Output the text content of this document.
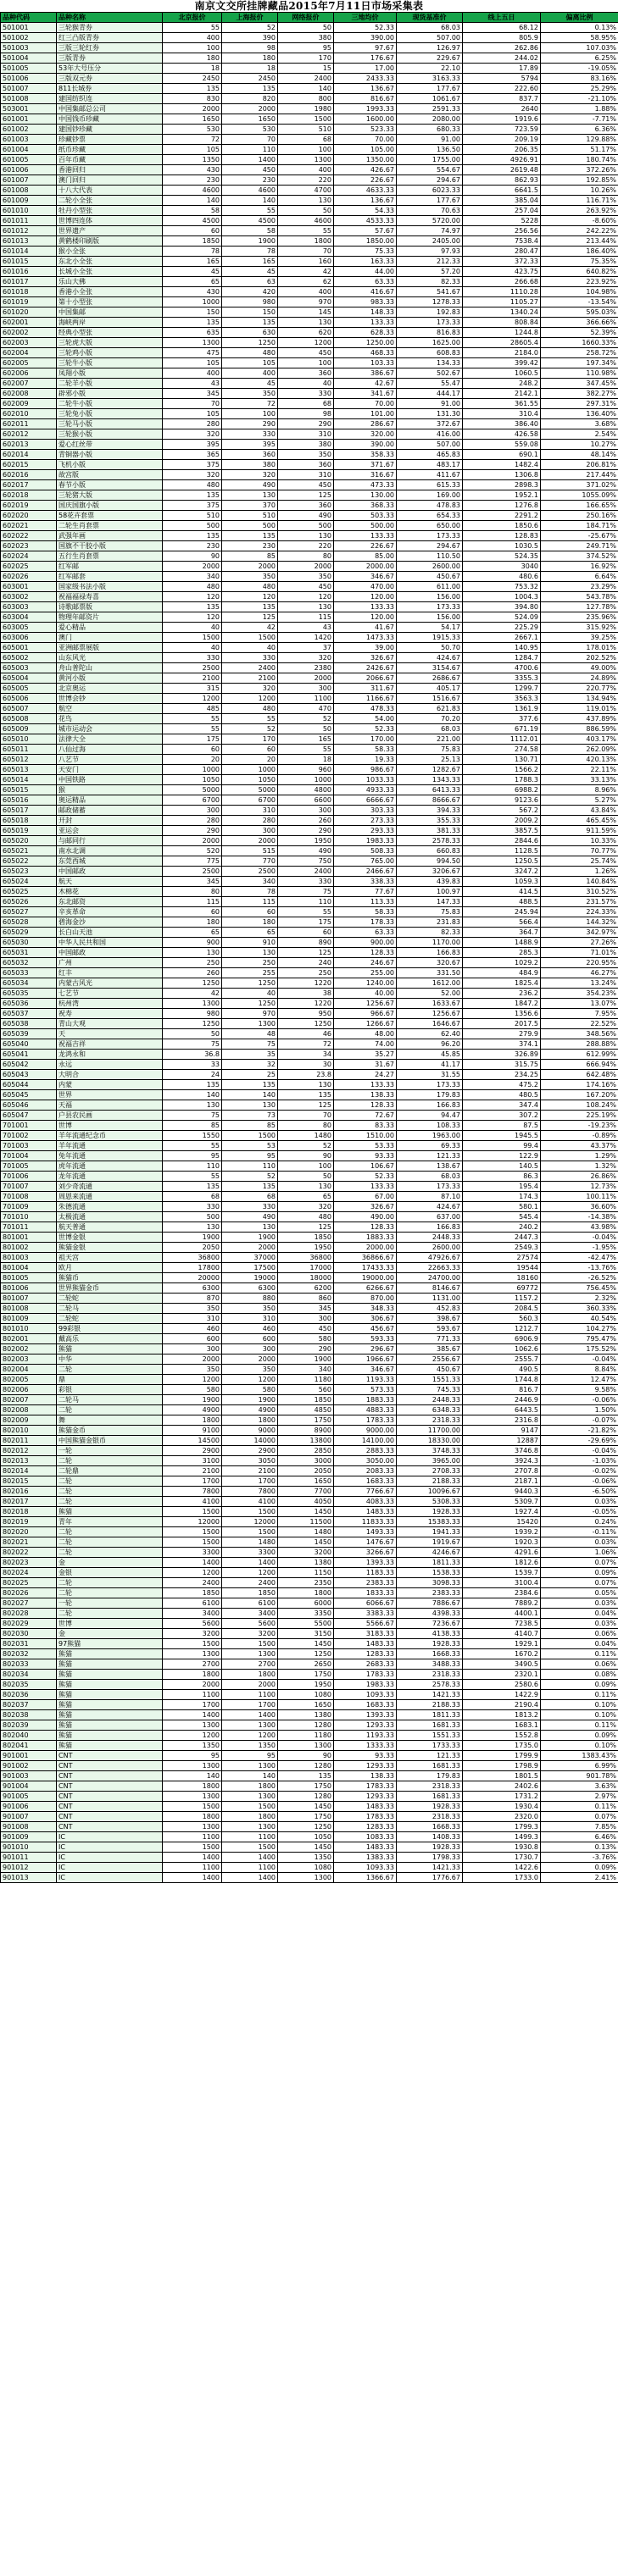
南京文交所挂牌藏品2015年7月11日市场采集表
品种代码	品种名称	北京报价	上海报价	网络报价	三地均价	现货基准价	线上五日	偏离比例
501001	三轮猴青券	55	52	50	52.33	68.03	68.12	0.13%
501002	红三凸版青券	400	390	380	390.00	507.00	805.9	58.95%
501003	三版三轮红券	100	98	95	97.67	126.97	262.86	107.03%
501004	三版青券	180	180	170	176.67	229.67	244.02	6.25%
501005	53年大号压分	18	18	15	17.00	22.10	17.89	-19.05%
501006	三版双元券	2450	2450	2400	2433.33	3163.33	5794	83.16%
501007	811长城券	135	135	140	136.67	177.67	222.60	25.29%
501008	建国纺织连	830	820	800	816.67	1061.67	837.7	-21.10%
503001	中国集邮总公司	2000	2000	1980	1993.33	2591.33	2640	1.88%
601001	中国钱币珍藏	1650	1650	1500	1600.00	2080.00	1919.6	-7.71%
601002	建国钞珍藏	530	530	510	523.33	680.33	723.59	6.36%
601003	珍藏钞票	72	70	68	70.00	91.00	209.19	129.88%
601004	纸币珍藏	105	110	100	105.00	136.50	206.35	51.17%
601005	百年币藏	1350	1400	1300	1350.00	1755.00	4926.91	180.74%
601006	香港回归	430	450	400	426.67	554.67	2619.48	372.26%
601007	澳门回归	230	230	220	226.67	294.67	862.93	192.85%
601008	十八大代表	4600	4600	4700	4633.33	6023.33	6641.5	10.26%
601009	二轮小全张	140	140	130	136.67	177.67	385.04	116.71%
601010	牡丹小型张	58	55	50	54.33	70.63	257.04	263.92%
601011	世博四连体	4500	4500	4600	4533.33	5720.00	5228	-8.60%
601012	世界遗产	60	58	55	57.67	74.97	256.56	242.22%
601013	黄鹤楼印刷版	1850	1900	1800	1850.00	2405.00	7538.4	213.44%
601014	猴小全张	78	78	70	75.33	97.93	280.47	186.40%
601015	东北小全张	165	165	160	163.33	212.33	372.33	75.35%
601016	长城小全张	45	45	42	44.00	57.20	423.75	640.82%
601017	乐山大佛	65	63	62	63.33	82.33	266.68	223.92%
601018	香港小全张	430	420	400	416.67	541.67	1110.28	104.98%
601019	第十小型张	1000	980	970	983.33	1278.33	1105.27	-13.54%
601020	中国集邮	150	150	145	148.33	192.83	1340.24	595.03%
602001	海峡两岸	135	135	130	133.33	173.33	808.84	366.66%
602002	经典小型张	635	630	620	628.33	816.83	1244.8	52.39%
602003	三轮虎大版	1300	1250	1200	1250.00	1625.00	28605.4	1660.33%
602004	三轮鸡小版	475	480	450	468.33	608.83	2184.0	258.72%
602005	三轮牛小版	105	105	100	103.33	134.33	399.42	197.34%
602006	凤翔小版	400	400	360	386.67	502.67	1060.5	110.98%
602007	二轮羊小版	43	45	40	42.67	55.47	248.2	347.45%
602008	辟邪小版	345	350	330	341.67	444.17	2142.1	382.27%
602009	二轮牛小版	70	72	68	70.00	91.00	361.55	297.31%
602010	三轮兔小版	105	100	98	101.00	131.30	310.4	136.40%
602011	三轮马小版	280	290	290	286.67	372.67	386.40	3.68%
602012	三轮猴小版	320	330	310	320.00	416.00	426.58	2.54%
602013	爱心红丝带	395	395	380	390.00	507.00	559.08	10.27%
602014	青铜器小版	365	360	350	358.33	465.83	690.1	48.14%
602015	飞机小版	375	380	360	371.67	483.17	1482.4	206.81%
602016	故宫版	320	320	310	316.67	411.67	1306.8	217.44%
602017	春节小版	480	490	450	473.33	615.33	2898.3	371.02%
602018	三轮猪大版	135	130	125	130.00	169.00	1952.1	1055.09%
602019	国庆国旗小版	375	370	360	368.33	478.83	1276.8	166.65%
602020	58花卉套票	510	510	490	503.33	654.33	2291.2	250.16%
602021	二轮生肖套票	500	500	500	500.00	650.00	1850.6	184.71%
602022	武强年画	135	135	130	133.33	173.33	128.83	-25.67%
602023	国旗不干胶小版	230	230	220	226.67	294.67	1030.5	249.71%
602024	五行生肖套票	90	85	80	85.00	110.50	524.35	374.52%
602025	红军邮	2000	2000	2000	2000.00	2600.00	3040	16.92%
602026	红军邮套	340	350	350	346.67	450.67	480.6	6.64%
603001	国家级书法小版	480	480	450	470.00	611.00	753.32	23.29%
603002	祝福福禄寿喜	120	120	120	120.00	156.00	1004.3	543.78%
603003	诗歌邮票版	135	135	130	133.33	173.33	394.80	127.78%
603004	物理年邮资片	120	125	115	120.00	156.00	524.09	235.96%
603005	爱心精品	40	42	43	41.67	54.17	225.29	315.92%
603006	澳门	1500	1500	1420	1473.33	1915.33	2667.1	39.25%
605001	亚洲邮票展版	40	40	37	39.00	50.70	140.95	178.01%
605002	山东风光	330	330	320	326.67	424.67	1284.7	202.52%
605003	舟山普陀山	2500	2400	2380	2426.67	3154.67	4700.6	49.00%
605004	黄河小版	2100	2100	2000	2066.67	2686.67	3355.3	24.89%
605005	北京奥运	315	320	300	311.67	405.17	1299.7	220.77%
605006	世博会钞	1200	1200	1100	1166.67	1516.67	3563.3	134.94%
605007	航空	485	480	470	478.33	621.83	1361.9	119.01%
605008	花鸟	55	55	52	54.00	70.20	377.6	437.89%
605009	城市运动会	55	52	50	52.33	68.03	671.19	886.59%
605010	法律大全	175	170	165	170.00	221.00	1112.01	403.17%
605011	八仙过海	60	60	55	58.33	75.83	274.58	262.09%
605012	八艺节	20	20	18	19.33	25.13	130.71	420.13%
605013	天安门	1000	1000	960	986.67	1282.67	1566.2	22.11%
605014	中国铁路	1050	1050	1000	1033.33	1343.33	1788.3	33.13%
605015	猴	5000	5000	4800	4933.33	6413.33	6988.2	8.96%
605016	奥运精品	6700	6700	6600	6666.67	8666.67	9123.6	5.27%
605017	邮政储蓄	300	310	300	303.33	394.33	567.2	43.84%
605018	开封	280	280	260	273.33	355.33	2009.2	465.45%
605019	亚运会	290	300	290	293.33	381.33	3857.5	911.59%
605020	与邮同行	2000	2000	1950	1983.33	2578.33	2844.6	10.33%
605021	南水北调	520	515	490	508.33	660.83	1128.5	70.77%
605022	东莞西城	775	770	750	765.00	994.50	1250.5	25.74%
605023	中国邮政	2500	2500	2400	2466.67	3206.67	3247.2	1.26%
605024	航天	345	340	330	338.33	439.83	1059.3	140.84%
605025	木棉花	80	78	75	77.67	100.97	414.5	310.52%
605026	东北邮资	115	115	110	113.33	147.33	488.5	231.57%
605027	辛亥革命	60	60	55	58.33	75.83	245.94	224.33%
605028	碧海金沙	180	180	175	178.33	231.83	566.4	144.32%
605029	长白山天池	65	65	60	63.33	82.33	364.7	342.97%
605030	中华人民共和国	900	910	890	900.00	1170.00	1488.9	27.26%
605031	中国邮政	130	130	125	128.33	166.83	285.3	71.01%
605032	广州	250	250	240	246.67	320.67	1029.2	220.95%
605033	红丰	260	255	250	255.00	331.50	484.9	46.27%
605034	内蒙古风光	1250	1250	1220	1240.00	1612.00	1825.4	13.24%
605035	七艺节	42	40	38	40.00	52.00	236.2	354.23%
605036	杭州湾	1300	1250	1220	1256.67	1633.67	1847.2	13.07%
605037	祝寿	980	970	950	966.67	1256.67	1356.6	7.95%
605038	青山大观	1250	1300	1250	1266.67	1646.67	2017.5	22.52%
605039	天	50	48	46	48.00	62.40	279.9	348.56%
605040	祝福吉祥	75	75	72	74.00	96.20	374.1	288.88%
605041	龙鸿永和	36.8	35	34	35.27	45.85	326.89	612.99%
605042	永远	33	32	30	31.67	41.17	315.75	666.94%
605043	大明合	24	25	23.8	24.27	31.55	234.25	642.48%
605044	内蒙	135	135	130	133.33	173.33	475.2	174.16%
605045	世界	140	140	135	138.33	179.83	480.5	167.20%
605046	天福	130	130	125	128.33	166.83	347.4	108.24%
605047	户县农民画	75	73	70	72.67	94.47	307.2	225.19%
701001	世博	85	85	80	83.33	108.33	87.5	-19.23%
701002	羊年流通纪念币	1550	1500	1480	1510.00	1963.00	1945.5	-0.89%
701003	羊年流通	55	53	52	53.33	69.33	99.4	43.37%
701004	兔年流通	95	95	90	93.33	121.33	122.9	1.29%
701005	虎年流通	110	110	100	106.67	138.67	140.5	1.32%
701006	龙年流通	55	52	50	52.33	68.03	86.3	26.86%
701007	刘少奇流通	135	135	130	133.33	173.33	195.4	12.73%
701008	周恩来流通	68	68	65	67.00	87.10	174.3	100.11%
701009	朱德流通	330	330	320	326.67	424.67	580.1	36.60%
701010	太极流通	500	490	480	490.00	637.00	545.4	-14.38%
701011	航天普通	130	130	125	128.33	166.83	240.2	43.98%
801001	世博金银	1900	1900	1850	1883.33	2448.33	2447.3	-0.04%
801002	熊猫金银	2050	2000	1950	2000.00	2600.00	2549.3	-1.95%
801003	祖天宫	36800	37000	36800	36866.67	47926.67	27574	-42.47%
801004	欧月	17800	17500	17000	17433.33	22663.33	19544	-13.76%
801005	熊猫币	20000	19000	18000	19000.00	24700.00	18160	-26.52%
801006	世界熊猫金币	6300	6300	6200	6266.67	8146.67	69772	756.45%
801007	二轮蛇	870	880	860	870.00	1131.00	1157.2	2.32%
801008	二轮马	350	350	345	348.33	452.83	2084.5	360.33%
801009	二轮蛇	310	310	300	306.67	398.67	560.3	40.54%
801010	99彩银	460	460	450	456.67	593.67	1212.7	104.27%
802001	戴高乐	600	600	580	593.33	771.33	6906.9	795.47%
802002	熊猫	300	300	290	296.67	385.67	1062.6	175.52%
802003	中华	2000	2000	1900	1966.67	2556.67	2555.7	-0.04%
802004	二轮	350	350	340	346.67	450.67	490.5	8.84%
802005	鼎	1200	1200	1180	1193.33	1551.33	1744.8	12.47%
802006	彩银	580	580	560	573.33	745.33	816.7	9.58%
802007	二轮马	1900	1900	1850	1883.33	2448.33	2446.9	-0.06%
802008	二轮	4900	4900	4850	4883.33	6348.33	6443.5	1.50%
802009	舞	1800	1800	1750	1783.33	2318.33	2316.8	-0.07%
802010	熊猫金币	9100	9000	8900	9000.00	11700.00	9147	-21.82%
802011	中国熊猫金银币	14500	14000	13800	14100.00	18330.00	12887	-29.69%
802012	一轮	2900	2900	2850	2883.33	3748.33	3746.8	-0.04%
802013	二轮	3100	3050	3000	3050.00	3965.00	3924.3	-1.03%
802014	二轮鼎	2100	2100	2050	2083.33	2708.33	2707.8	-0.02%
802015	二轮	1700	1700	1650	1683.33	2188.33	2187.1	-0.06%
802016	二轮	7800	7800	7700	7766.67	10096.67	9440.3	-6.50%
802017	二轮	4100	4100	4050	4083.33	5308.33	5309.7	0.03%
802018	熊猫	1500	1500	1450	1483.33	1928.33	1927.4	-0.05%
802019	青年	12000	12000	11500	11833.33	15383.33	15420	0.24%
802020	二轮	1500	1500	1480	1493.33	1941.33	1939.2	-0.11%
802021	二轮	1500	1480	1450	1476.67	1919.67	1920.3	0.03%
802022	二轮	3300	3300	3200	3266.67	4246.67	4291.6	1.06%
802023	金	1400	1400	1380	1393.33	1811.33	1812.6	0.07%
802024	金银	1200	1200	1150	1183.33	1538.33	1539.7	0.09%
802025	二轮	2400	2400	2350	2383.33	3098.33	3100.4	0.07%
802026	二轮	1850	1850	1800	1833.33	2383.33	2384.6	0.05%
802027	一轮	6100	6100	6000	6066.67	7886.67	7889.2	0.03%
802028	二轮	3400	3400	3350	3383.33	4398.33	4400.1	0.04%
802029	世博	5600	5600	5500	5566.67	7236.67	7238.5	0.03%
802030	金	3200	3200	3150	3183.33	4138.33	4140.7	0.06%
802031	97熊猫	1500	1500	1450	1483.33	1928.33	1929.1	0.04%
802032	熊猫	1300	1300	1250	1283.33	1668.33	1670.2	0.11%
802033	熊猫	2700	2700	2650	2683.33	3488.33	3490.5	0.06%
802034	熊猫	1800	1800	1750	1783.33	2318.33	2320.1	0.08%
802035	熊猫	2000	2000	1950	1983.33	2578.33	2580.6	0.09%
802036	熊猫	1100	1100	1080	1093.33	1421.33	1422.9	0.11%
802037	熊猫	1700	1700	1650	1683.33	2188.33	2190.4	0.10%
802038	熊猫	1400	1400	1380	1393.33	1811.33	1813.2	0.10%
802039	熊猫	1300	1300	1280	1293.33	1681.33	1683.1	0.11%
802040	熊猫	1200	1200	1180	1193.33	1551.33	1552.8	0.09%
802041	熊猫	1350	1350	1300	1333.33	1733.33	1735.0	0.10%
901001	CNT	95	95	90	93.33	121.33	1799.9	1383.43%
901002	CNT	1300	1300	1280	1293.33	1681.33	1798.9	6.99%
901003	CNT	140	140	135	138.33	179.83	1801.5	901.78%
901004	CNT	1800	1800	1750	1783.33	2318.33	2402.6	3.63%
901005	CNT	1300	1300	1280	1293.33	1681.33	1731.2	2.97%
901006	CNT	1500	1500	1450	1483.33	1928.33	1930.4	0.11%
901007	CNT	1800	1800	1750	1783.33	2318.33	2320.0	0.07%
901008	CNT	1300	1300	1250	1283.33	1668.33	1799.3	7.85%
901009	IC	1100	1100	1050	1083.33	1408.33	1499.3	6.46%
901010	IC	1500	1500	1450	1483.33	1928.33	1930.8	0.13%
901011	IC	1400	1400	1350	1383.33	1798.33	1730.7	-3.76%
901012	IC	1100	1100	1080	1093.33	1421.33	1422.6	0.09%
901013	IC	1400	1400	1300	1366.67	1776.67	1733.0	2.41%
